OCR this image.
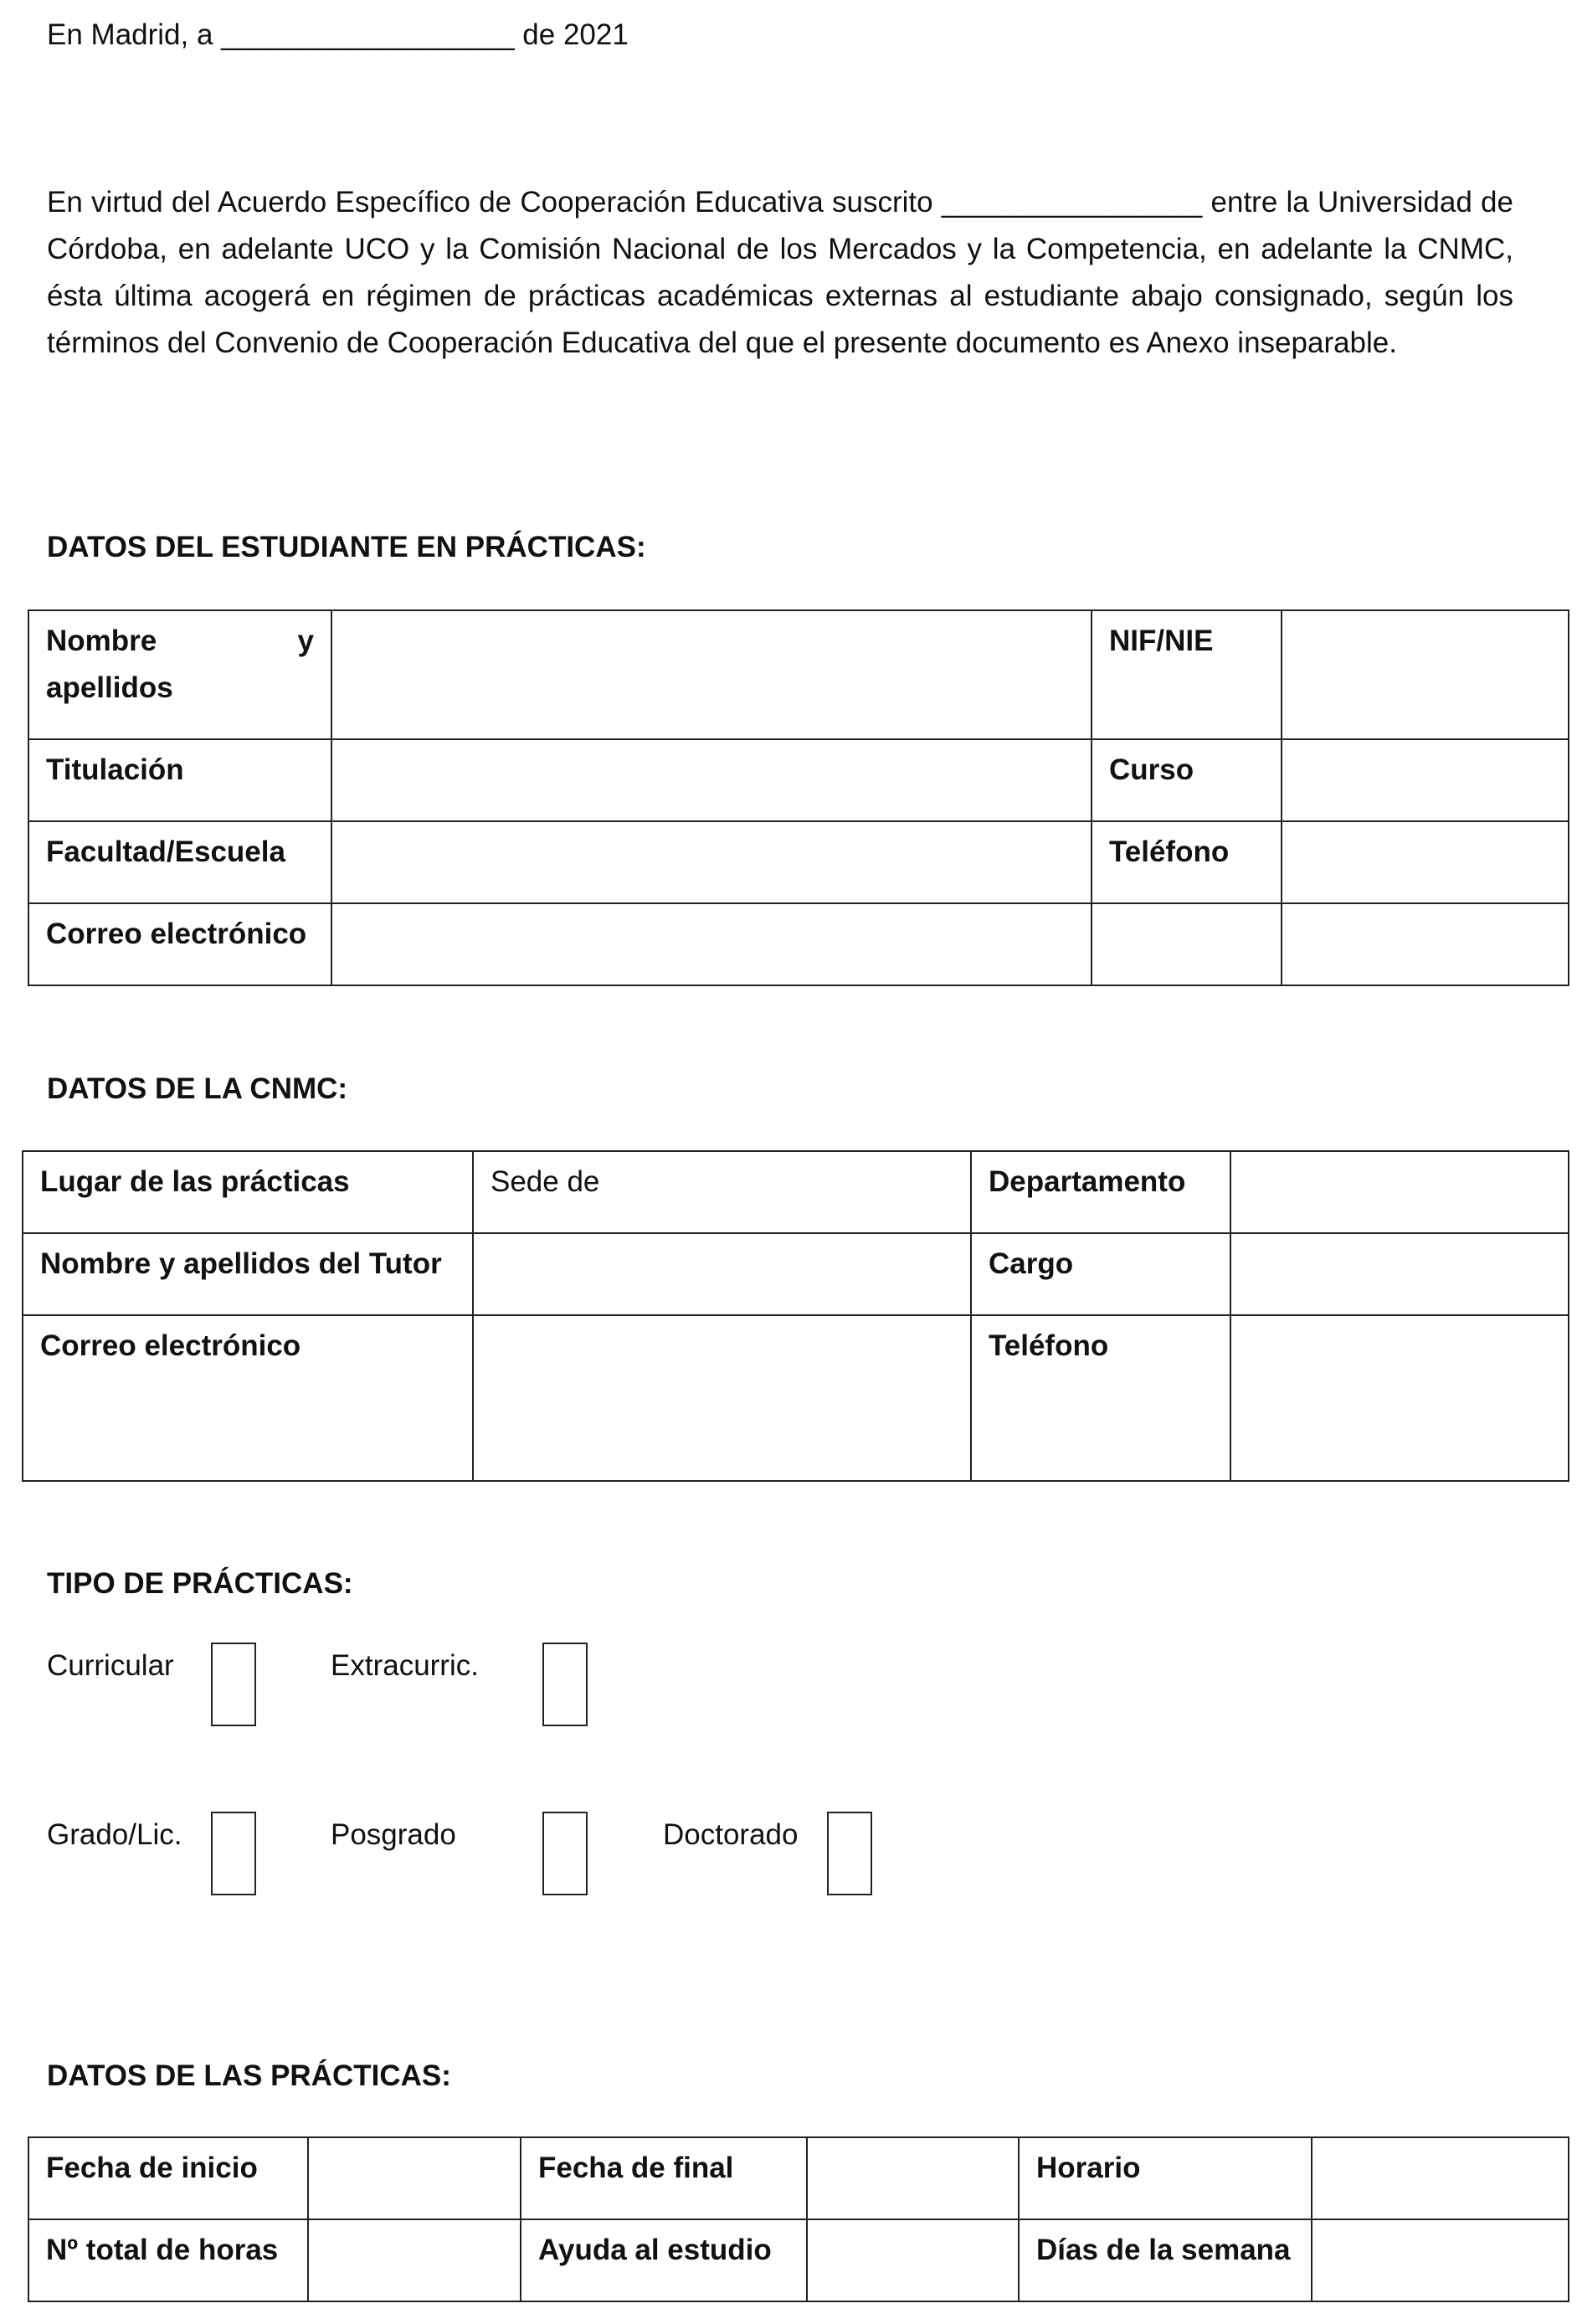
En Madrid, a __________________ de 2021
En virtud del Acuerdo Específico de Cooperación Educativa suscrito ________________ entre la Universidad de Córdoba, en adelante UCO y la Comisión Nacional de los Mercados y la Competencia, en adelante la CNMC, ésta última acogerá en régimen de prácticas académicas externas al estudiante abajo consignado, según los términos del Convenio de Cooperación Educativa del que el presente documento es Anexo inseparable.
DATOS DEL ESTUDIANTE EN PRÁCTICAS:
Nombre y apellidos		NIF/NIE	
Titulación		Curso	
Facultad/Escuela		Teléfono	
Correo electrónico			
DATOS DE LA CNMC:
Lugar de las prácticas	Sede de	Departamento	
Nombre y apellidos del Tutor		Cargo	
Correo electrónico		Teléfono	
TIPO DE PRÁCTICAS:
Curricular	Extracurric.
Grado/Lic.	Posgrado	Doctorado
DATOS DE LAS PRÁCTICAS:
Fecha de inicio		Fecha de final		Horario	
Nº total de horas		Ayuda al estudio		Días de la semana	
